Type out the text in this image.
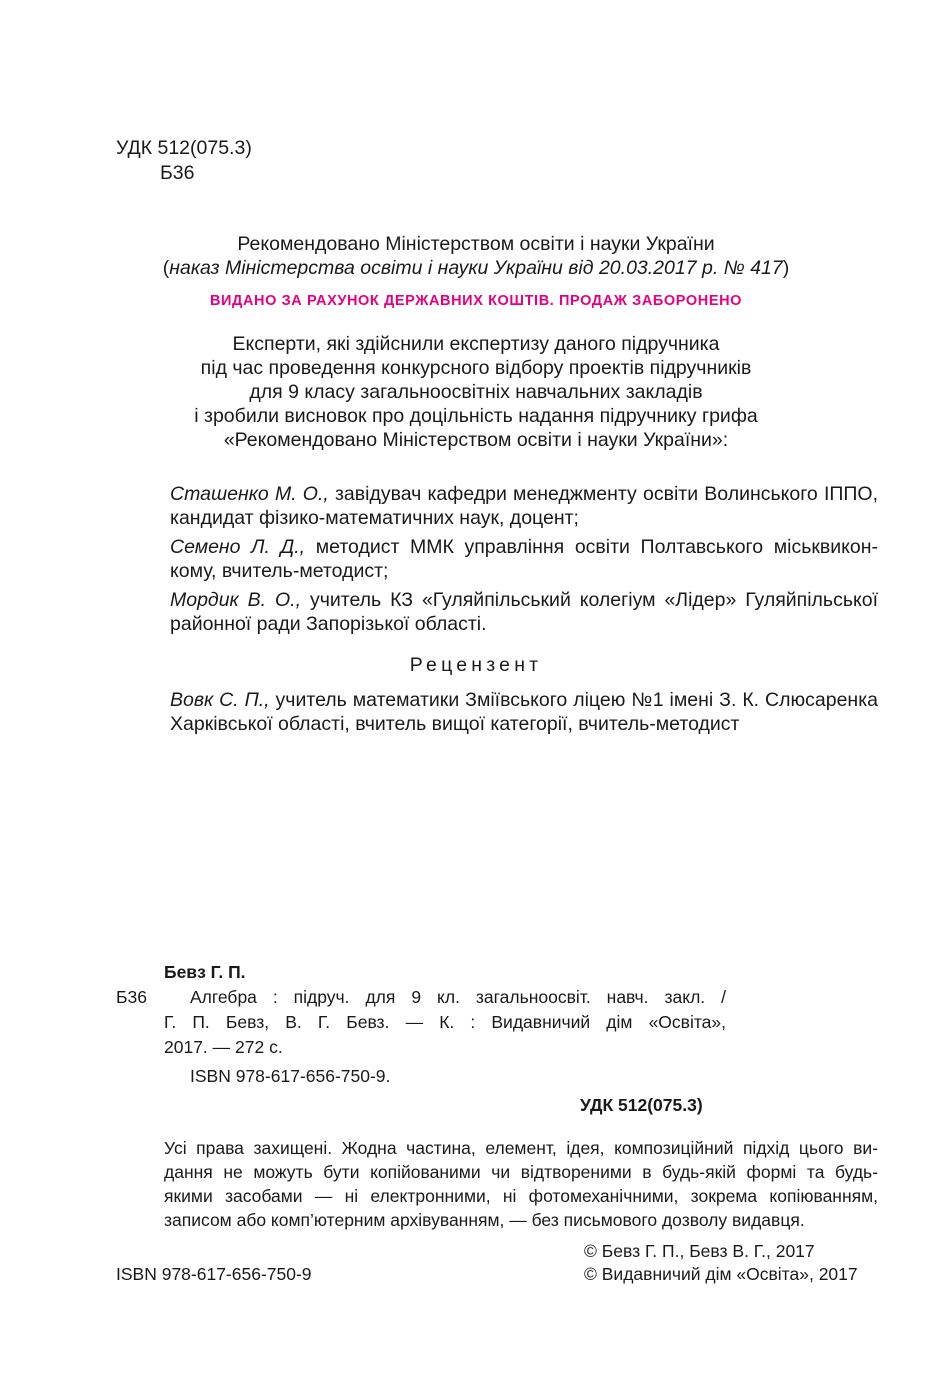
УДК 512(075.3)
Б36
Рекомендовано Міністерством освіти і науки України
(наказ Міністерства освіти і науки України від 20.03.2017 р. № 417)
ВИДАНО ЗА РАХУНОК ДЕРЖАВНИХ КОШТІВ. ПРОДАЖ ЗАБОРОНЕНО
Експерти, які здійснили експертизу даного підручника
під час проведення конкурсного відбору проектів підручників
для 9 класу загальноосвітніх навчальних закладів
і зробили висновок про доцільність надання підручнику грифа
«Рекомендовано Міністерством освіти і науки України»:
Сташенко М. О., завідувач кафедри менеджменту освіти Волинського ІППО,
кандидат фізико-математичних наук, доцент;
Семено Л. Д., методист ММК управління освіти Полтавського міськвикон-
кому, вчитель-методист;
Мордик В. О., учитель КЗ «Гуляйпільський колегіум «Лідер» Гуляйпільської
районної ради Запорізької області.
Рецензент
Вовк С. П., учитель математики Зміївського ліцею №1 імені З. К. Слюсаренка
Харківської області, вчитель вищої категорії, вчитель-методист
Бевз Г. П.
Б36 Алгебра : підруч. для 9 кл. загальноосвіт. навч. закл. /
Г. П. Бевз, В. Г. Бевз. — К. : Видавничий дім «Освіта»,
2017. — 272 с.
ISBN 978-617-656-750-9.
УДК 512(075.3)
Усі права захищені. Жодна частина, елемент, ідея, композиційний підхід цього ви-
дання не можуть бути копійованими чи відтвореними в будь-якій формі та будь-
якими засобами — ні електронними, ні фотомеханічними, зокрема копіюванням,
записом або комп’ютерним архівуванням, — без письмового дозволу видавця.
© Бевз Г. П., Бевз В. Г., 2017
ISBN 978-617-656-750-9	© Видавничий дім «Освіта», 2017
